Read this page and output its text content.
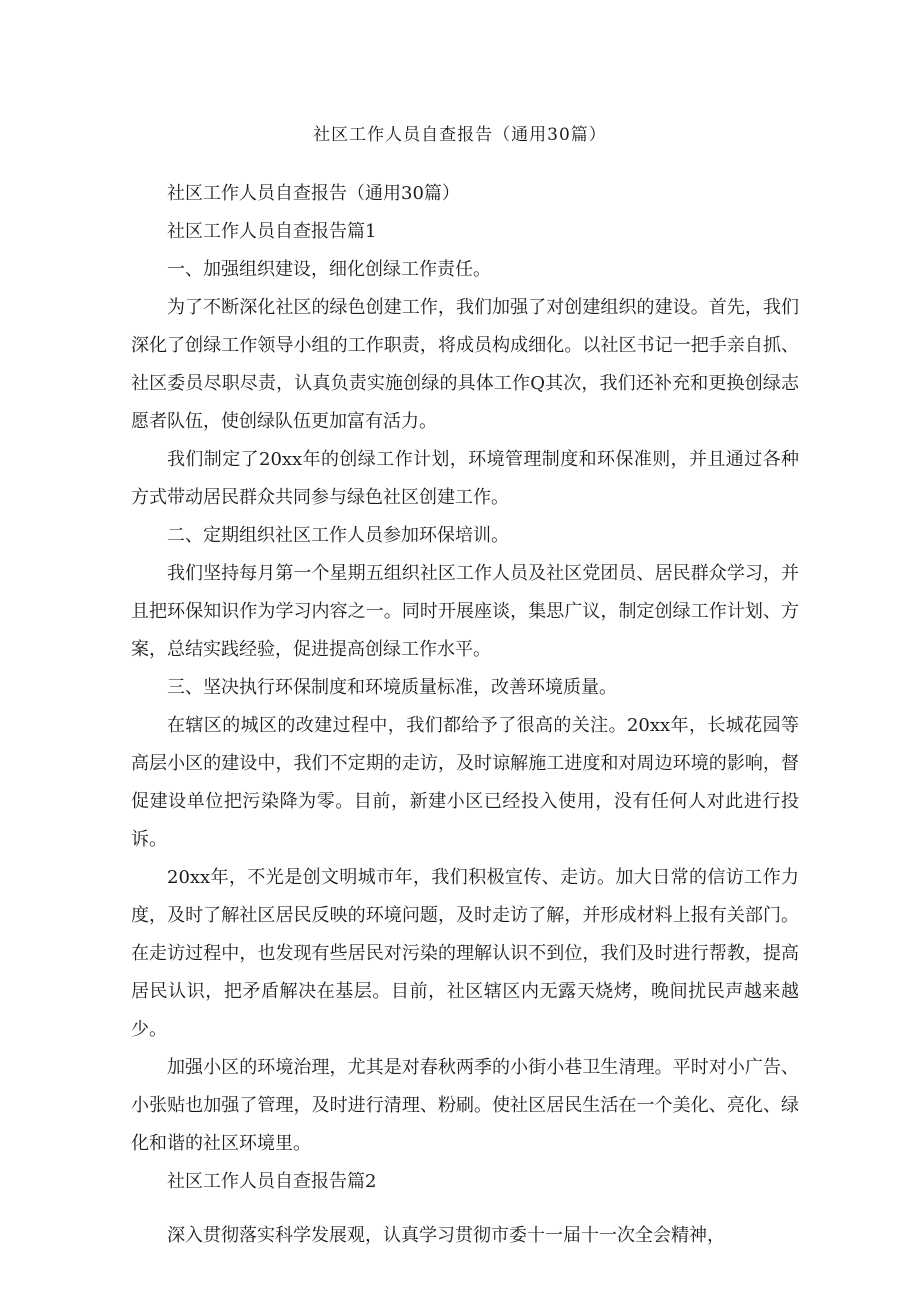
社区工作人员自查报告（通用30篇）

社区工作人员自查报告（通用30篇）

社区工作人员自查报告篇1

一、加强组织建设，细化创绿工作责任。

为了不断深化社区的绿色创建工作，我们加强了对创建组织的建设。首先，我们深化了创绿工作领导小组的工作职责，将成员构成细化。以社区书记一把手亲自抓、社区委员尽职尽责，认真负责实施创绿的具体工作Q其次，我们还补充和更换创绿志愿者队伍，使创绿队伍更加富有活力。

我们制定了20xx年的创绿工作计划，环境管理制度和环保准则，并且通过各种方式带动居民群众共同参与绿色社区创建工作。

二、定期组织社区工作人员参加环保培训。

我们坚持每月第一个星期五组织社区工作人员及社区党团员、居民群众学习，并且把环保知识作为学习内容之一。同时开展座谈，集思广议，制定创绿工作计划、方案，总结实践经验，促进提高创绿工作水平。

三、坚决执行环保制度和环境质量标准，改善环境质量。

在辖区的城区的改建过程中，我们都给予了很高的关注。20xx年，长城花园等高层小区的建设中，我们不定期的走访，及时谅解施工进度和对周边环境的影响，督促建设单位把污染降为零。目前，新建小区已经投入使用，没有任何人对此进行投诉。

20xx年，不光是创文明城市年，我们积极宣传、走访。加大日常的信访工作力度，及时了解社区居民反映的环境问题，及时走访了解，并形成材料上报有关部门。在走访过程中，也发现有些居民对污染的理解认识不到位，我们及时进行帮教，提高居民认识，把矛盾解决在基层。目前，社区辖区内无露天烧烤，晚间扰民声越来越少。

加强小区的环境治理，尤其是对春秋两季的小街小巷卫生清理。平时对小广告、小张贴也加强了管理，及时进行清理、粉刷。使社区居民生活在一个美化、亮化、绿化和谐的社区环境里。

社区工作人员自查报告篇2

深入贯彻落实科学发展观，认真学习贯彻市委十一届十一次全会精神，
